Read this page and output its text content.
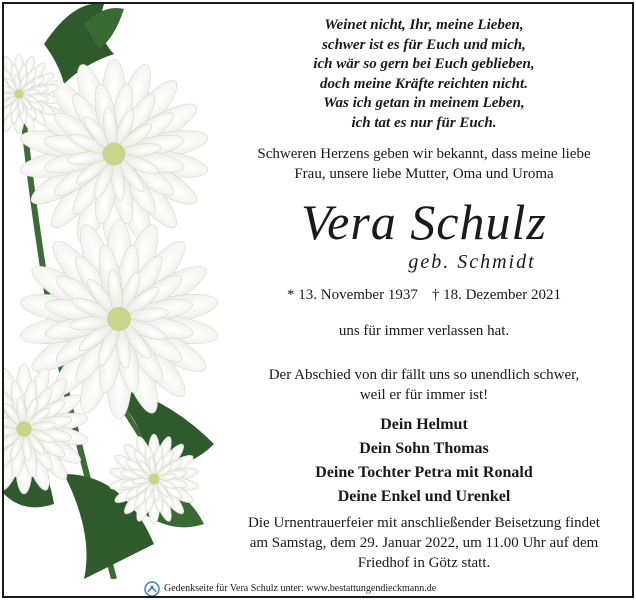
Weinet nicht, Ihr, meine Lieben,
schwer ist es für Euch und mich,
ich wär so gern bei Euch geblieben,
doch meine Kräfte reichten nicht.
Was ich getan in meinem Leben,
ich tat es nur für Euch.
Schweren Herzens geben wir bekannt, dass meine liebe
Frau, unsere liebe Mutter, Oma und Uroma
Vera Schulz
geb. Schmidt
* 13. November 1937 † 18. Dezember 2021
uns für immer verlassen hat.
Der Abschied von dir fällt uns so unendlich schwer,
weil er für immer ist!
Dein Helmut
Dein Sohn Thomas
Deine Tochter Petra mit Ronald
Deine Enkel und Urenkel
Die Urnentrauerfeier mit anschließender Beisetzung findet
am Samstag, dem 29. Januar 2022, um 11.00 Uhr auf dem
Friedhof in Götz statt.
Gedenkseite für Vera Schulz unter: www.bestattungendieckmann.de
